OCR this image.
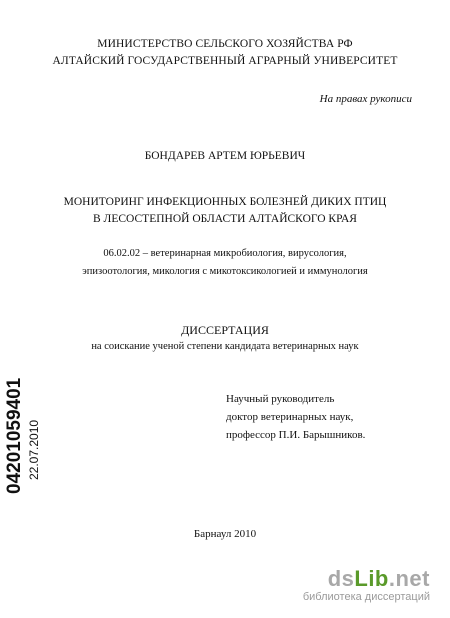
МИНИСТЕРСТВО СЕЛЬСКОГО ХОЗЯЙСТВА РФ
АЛТАЙСКИЙ ГОСУДАРСТВЕННЫЙ АГРАРНЫЙ УНИВЕРСИТЕТ
На правах рукописи
БОНДАРЕВ АРТЕМ ЮРЬЕВИЧ
МОНИТОРИНГ ИНФЕКЦИОННЫХ БОЛЕЗНЕЙ ДИКИХ ПТИЦ
В ЛЕСОСТЕПНОЙ ОБЛАСТИ АЛТАЙСКОГО КРАЯ
06.02.02 – ветеринарная микробиология, вирусология,
эпизоотология, микология с микотоксикологией и иммунология
ДИССЕРТАЦИЯ
на соискание ученой степени кандидата ветеринарных наук
Научный руководитель
доктор ветеринарных наук,
профессор П.И. Барышников.
Барнаул 2010
04201059401 22.07.2010
dsLib.net
библиотека диссертаций
